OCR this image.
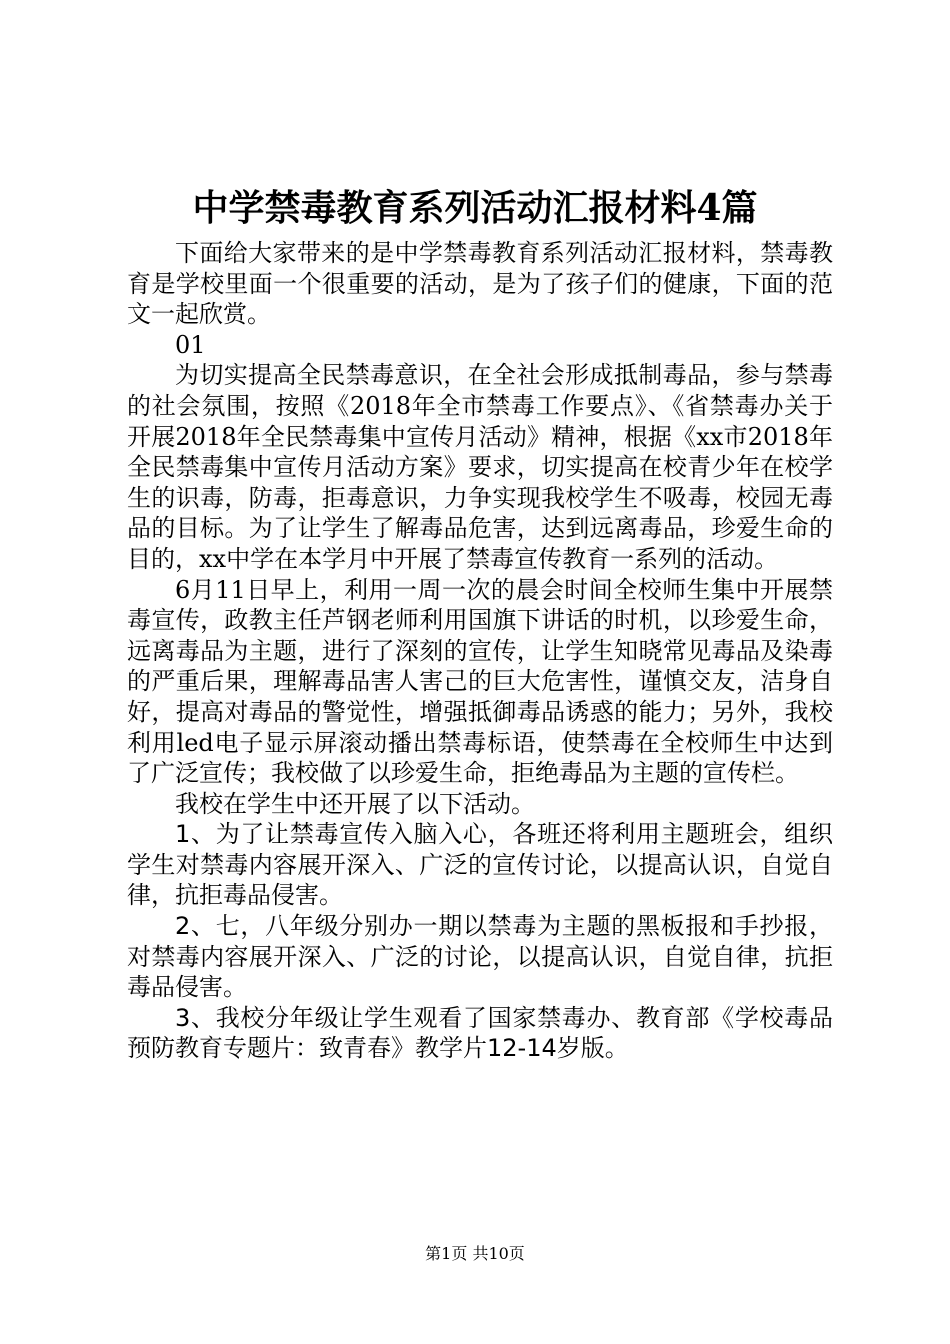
中学禁毒教育系列活动汇报材料4篇

下面给大家带来的是中学禁毒教育系列活动汇报材料，禁毒教育是学校里面一个很重要的活动，是为了孩子们的健康，下面的范文一起欣赏。

01

为切实提高全民禁毒意识，在全社会形成抵制毒品，参与禁毒的社会氛围，按照《2018年全市禁毒工作要点》、《省禁毒办关于开展2018年全民禁毒集中宣传月活动》精神，根据《xx市2018年全民禁毒集中宣传月活动方案》要求，切实提高在校青少年在校学生的识毒，防毒，拒毒意识，力争实现我校学生不吸毒，校园无毒品的目标。为了让学生了解毒品危害，达到远离毒品，珍爱生命的目的，xx中学在本学月中开展了禁毒宣传教育一系列的活动。

6月11日早上，利用一周一次的晨会时间全校师生集中开展禁毒宣传，政教主任芦钢老师利用国旗下讲话的时机，以珍爱生命，远离毒品为主题，进行了深刻的宣传，让学生知晓常见毒品及染毒的严重后果，理解毒品害人害己的巨大危害性，谨慎交友，洁身自好，提高对毒品的警觉性，增强抵御毒品诱惑的能力；另外，我校利用led电子显示屏滚动播出禁毒标语，使禁毒在全校师生中达到了广泛宣传；我校做了以珍爱生命，拒绝毒品为主题的宣传栏。

我校在学生中还开展了以下活动。

1、为了让禁毒宣传入脑入心，各班还将利用主题班会，组织学生对禁毒内容展开深入、广泛的宣传讨论，以提高认识，自觉自律，抗拒毒品侵害。

2、七，八年级分别办一期以禁毒为主题的黑板报和手抄报，对禁毒内容展开深入、广泛的讨论，以提高认识，自觉自律，抗拒毒品侵害。

3、我校分年级让学生观看了国家禁毒办、教育部《学校毒品预防教育专题片：致青春》教学片12-14岁版。

第1页 共10页
